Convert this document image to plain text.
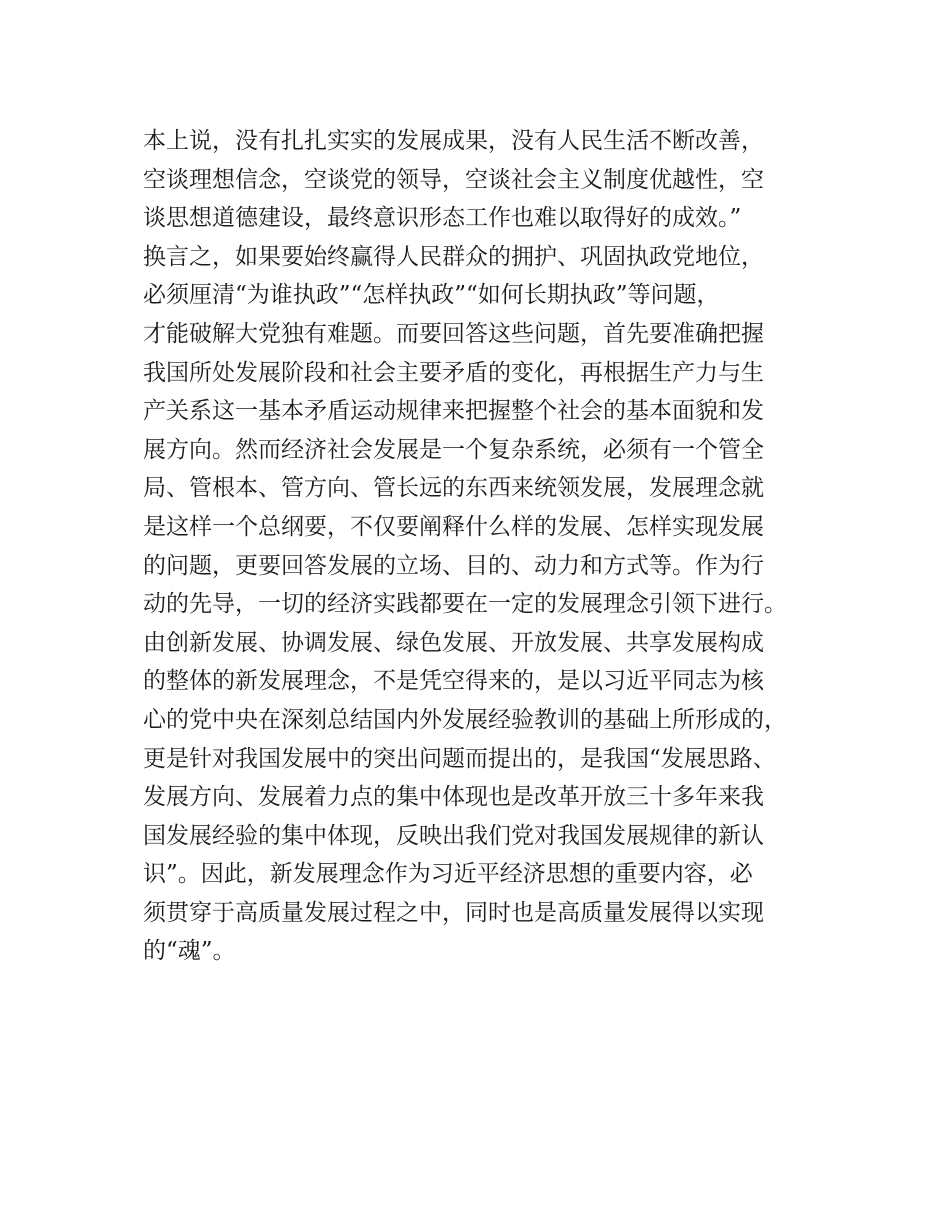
本上说，没有扎扎实实的发展成果，没有人民生活不断改善，
空谈理想信念，空谈党的领导，空谈社会主义制度优越性，空
谈思想道德建设，最终意识形态工作也难以取得好的成效。”
换言之，如果要始终赢得人民群众的拥护、巩固执政党地位，
必须厘清“为谁执政”“怎样执政”“如何长期执政”等问题，
才能破解大党独有难题。而要回答这些问题，首先要准确把握
我国所处发展阶段和社会主要矛盾的变化，再根据生产力与生
产关系这一基本矛盾运动规律来把握整个社会的基本面貌和发
展方向。然而经济社会发展是一个复杂系统，必须有一个管全
局、管根本、管方向、管长远的东西来统领发展，发展理念就
是这样一个总纲要，不仅要阐释什么样的发展、怎样实现发展
的问题，更要回答发展的立场、目的、动力和方式等。作为行
动的先导，一切的经济实践都要在一定的发展理念引领下进行。
由创新发展、协调发展、绿色发展、开放发展、共享发展构成
的整体的新发展理念，不是凭空得来的，是以习近平同志为核
心的党中央在深刻总结国内外发展经验教训的基础上所形成的，
更是针对我国发展中的突出问题而提出的，是我国“发展思路、
发展方向、发展着力点的集中体现也是改革开放三十多年来我
国发展经验的集中体现，反映出我们党对我国发展规律的新认
识”。因此，新发展理念作为习近平经济思想的重要内容，必
须贯穿于高质量发展过程之中，同时也是高质量发展得以实现
的“魂”。
